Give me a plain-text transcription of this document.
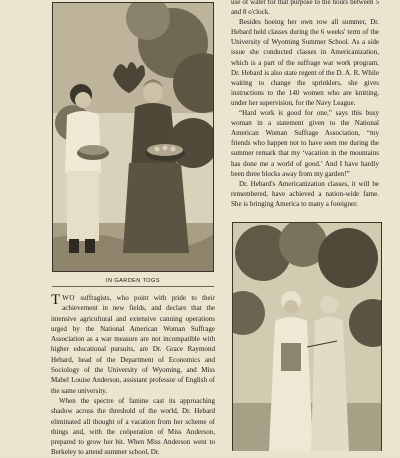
IN GARDEN TOGS

TWO suffragists, who point with pride to their achievement in new fields, and declare that the intensive agricultural and extensive canning operations urged by the National American Woman Suffrage Association as a war measure are not incompatible with higher educational pursuits, are Dr. Grace Raymond Hebard, head of the Department of Economics and Sociology of the University of Wyoming, and Miss Mabel Louise Anderson, assistant professor of English of the same university.

When the spectre of famine cast its approaching shadow across the threshold of the world, Dr. Hebard eliminated all thought of a vacation from her scheme of things and, with the coöperation of Miss Anderson, prepared to grow her bit. When Miss Anderson went to Berkeley to attend summer school, Dr.

use of water for that purpose to the hours between 5 and 8 o'clock.

Besides hoeing her own row all summer, Dr. Hebard held classes during the 6 weeks' term of the University of Wyoming Summer School. As a side issue she conducted classes in Americanization, which is a part of the suffrage war work program. Dr. Hebard is also state regent of the D. A. R. While waiting to change the sprinklers, she gives instructions to the 140 women who are knitting, under her supervision, for the Navy League.

“Hard work is good for one,” says this busy woman in a statement given to the National American Woman Suffrage Association, “my friends who happen not to have seen me during the summer remark that my ‘vacation in the mountains has done me a world of good.’ And I have hardly been three blocks away from my garden!”

Dr. Hebard's Americanization classes, it will be remembered, have achieved a nation-wide fame. She is bringing America to many a foreigner.
